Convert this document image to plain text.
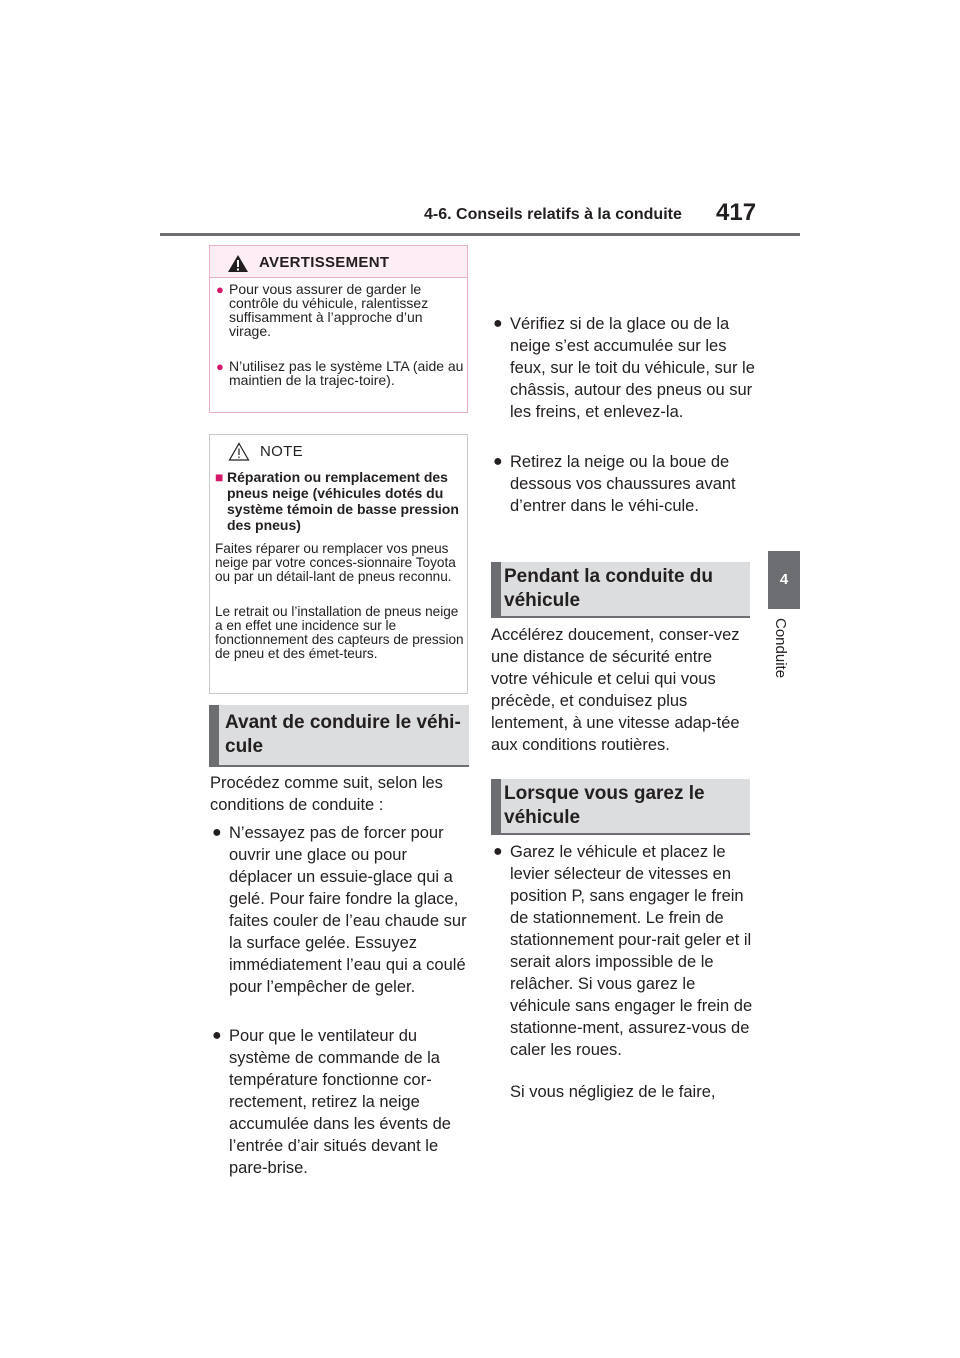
4-6. Conseils relatifs à la conduite 417
4
Conduite
AVERTISSEMENT
● Pour vous assurer de garder le contrôle du véhicule, ralentissez suffisamment à l’approche d’un virage.
● N’utilisez pas le système LTA (aide au maintien de la trajec-toire).
NOTE
■ Réparation ou remplacement des pneus neige (véhicules dotés du système témoin de basse pression des pneus)
Faites réparer ou remplacer vos pneus neige par votre conces-sionnaire Toyota ou par un détail-lant de pneus reconnu.
Le retrait ou l’installation de pneus neige a en effet une incidence sur le fonctionnement des capteurs de pression de pneu et des émet-teurs.
Avant de conduire le véhi-cule
Procédez comme suit, selon les conditions de conduite :
● N’essayez pas de forcer pour ouvrir une glace ou pour déplacer un essuie-glace qui a gelé. Pour faire fondre la glace, faites couler de l’eau chaude sur la surface gelée. Essuyez immédiatement l’eau qui a coulé pour l’empêcher de geler.
● Pour que le ventilateur du système de commande de la température fonctionne cor-rectement, retirez la neige accumulée dans les évents de l’entrée d’air situés devant le pare-brise.
● Vérifiez si de la glace ou de la neige s’est accumulée sur les feux, sur le toit du véhicule, sur le châssis, autour des pneus ou sur les freins, et enlevez-la.
● Retirez la neige ou la boue de dessous vos chaussures avant d’entrer dans le véhi-cule.
Pendant la conduite du véhicule
Accélérez doucement, conser-vez une distance de sécurité entre votre véhicule et celui qui vous précède, et conduisez plus lentement, à une vitesse adap-tée aux conditions routières.
Lorsque vous garez le véhicule
● Garez le véhicule et placez le levier sélecteur de vitesses en position P, sans engager le frein de stationnement. Le frein de stationnement pour-rait geler et il serait alors impossible de le relâcher. Si vous garez le véhicule sans engager le frein de stationne-ment, assurez-vous de caler les roues.
Si vous négligiez de le faire,
